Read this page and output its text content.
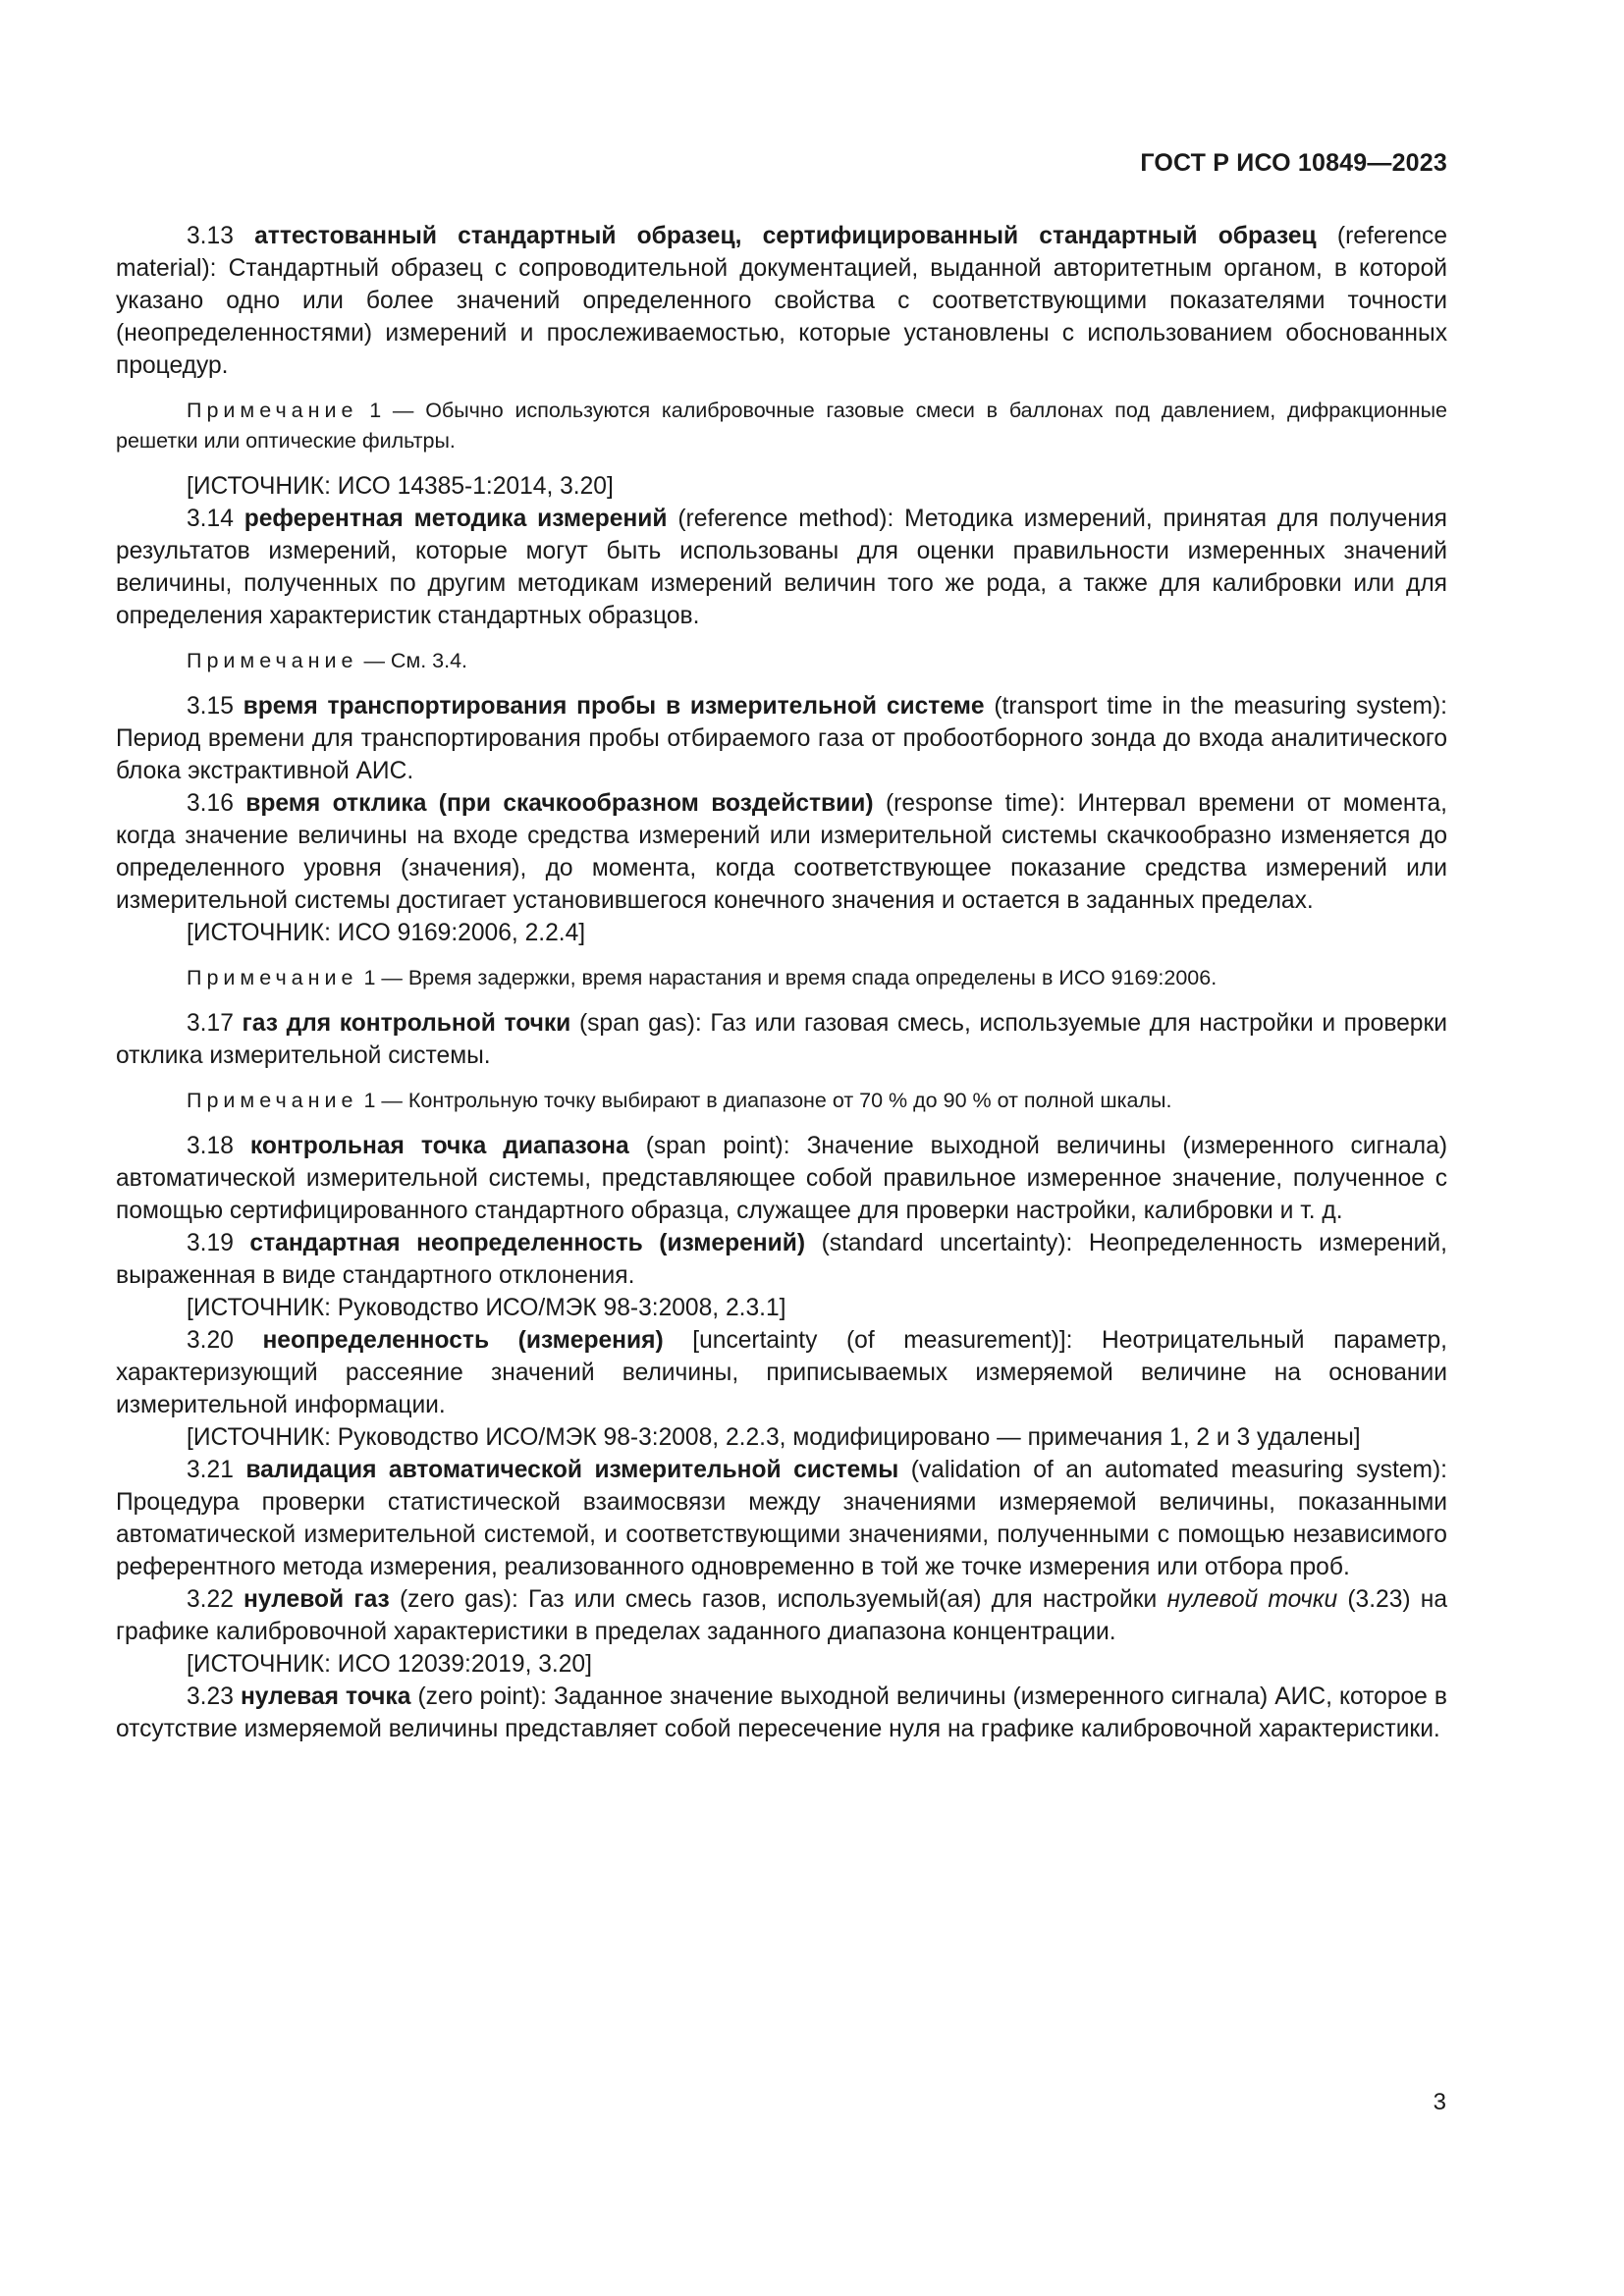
ГОСТ Р ИСО 10849—2023

3.13 аттестованный стандартный образец, сертифицированный стандартный образец (reference material): Стандартный образец с сопроводительной документацией, выданной авторитетным органом, в которой указано одно или более значений определенного свойства с соответствующими показателями точности (неопределенностями) измерений и прослеживаемостью, которые установлены с использованием обоснованных процедур.

Примечание 1 — Обычно используются калибровочные газовые смеси в баллонах под давлением, дифракционные решетки или оптические фильтры.

[ИСТОЧНИК: ИСО 14385-1:2014, 3.20]

3.14 референтная методика измерений (reference method): Методика измерений, принятая для получения результатов измерений, которые могут быть использованы для оценки правильности измеренных значений величины, полученных по другим методикам измерений величин того же рода, а также для калибровки или для определения характеристик стандартных образцов.

Примечание — См. 3.4.

3.15 время транспортирования пробы в измерительной системе (transport time in the measuring system): Период времени для транспортирования пробы отбираемого газа от пробоотборного зонда до входа аналитического блока экстрактивной АИС.

3.16 время отклика (при скачкообразном воздействии) (response time): Интервал времени от момента, когда значение величины на входе средства измерений или измерительной системы скачкообразно изменяется до определенного уровня (значения), до момента, когда соответствующее показание средства измерений или измерительной системы достигает установившегося конечного значения и остается в заданных пределах.

[ИСТОЧНИК: ИСО 9169:2006, 2.2.4]

Примечание 1 — Время задержки, время нарастания и время спада определены в ИСО 9169:2006.

3.17 газ для контрольной точки (span gas): Газ или газовая смесь, используемые для настройки и проверки отклика измерительной системы.

Примечание 1 — Контрольную точку выбирают в диапазоне от 70 % до 90 % от полной шкалы.

3.18 контрольная точка диапазона (span point): Значение выходной величины (измеренного сигнала) автоматической измерительной системы, представляющее собой правильное измеренное значение, полученное с помощью сертифицированного стандартного образца, служащее для проверки настройки, калибровки и т. д.

3.19 стандартная неопределенность (измерений) (standard uncertainty): Неопределенность измерений, выраженная в виде стандартного отклонения.

[ИСТОЧНИК: Руководство ИСО/МЭК 98-3:2008, 2.3.1]

3.20 неопределенность (измерения) [uncertainty (of measurement)]: Неотрицательный параметр, характеризующий рассеяние значений величины, приписываемых измеряемой величине на основании измерительной информации.

[ИСТОЧНИК: Руководство ИСО/МЭК 98-3:2008, 2.2.3, модифицировано — примечания 1, 2 и 3 удалены]

3.21 валидация автоматической измерительной системы (validation of an automated measuring system): Процедура проверки статистической взаимосвязи между значениями измеряемой величины, показанными автоматической измерительной системой, и соответствующими значениями, полученными с помощью независимого референтного метода измерения, реализованного одновременно в той же точке измерения или отбора проб.

3.22 нулевой газ (zero gas): Газ или смесь газов, используемый(ая) для настройки нулевой точки (3.23) на графике калибровочной характеристики в пределах заданного диапазона концентрации.

[ИСТОЧНИК: ИСО 12039:2019, 3.20]

3.23 нулевая точка (zero point): Заданное значение выходной величины (измеренного сигнала) АИС, которое в отсутствие измеряемой величины представляет собой пересечение нуля на графике калибровочной характеристики.

3
